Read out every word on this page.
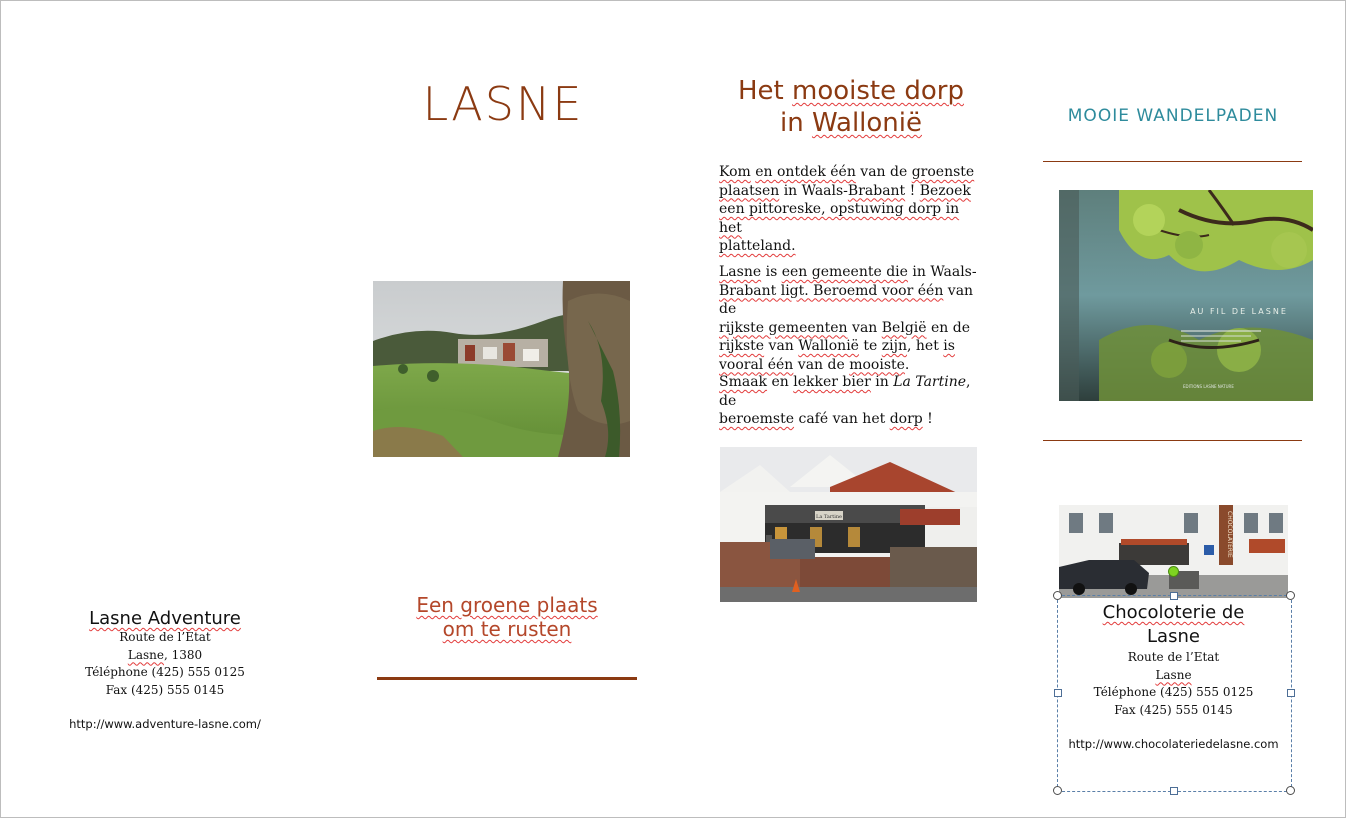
LASNE
Een groene plaats
om te rusten
Het mooiste dorp
in Wallonië
Kom en ontdek één van de groenste
plaatsen in Waals-Brabant ! Bezoek
een pittoreske, opstuwing dorp in het
platteland.
Lasne is een gemeente die in Waals-
Brabant ligt. Beroemd voor één van de
rijkste gemeenten van België en de
rijkste van Wallonië te zijn, het is
vooral één van de mooiste.
Smaak en lekker bier in La Tartine, de
beroemste café van het dorp !
La Tartine
MOOIE WANDELPADEN
AU FIL DE LASNE
EDITIONS LASNE NATURE
CHOCOLATERIE
Chocoloterie de
Lasne
Route de l’Etat
Lasne
Téléphone (425) 555 0125
Fax (425) 555 0145
http://www.chocolateriedelasne.com
Lasne Adventure
Route de l’Etat
Lasne, 1380
Téléphone (425) 555 0125
Fax (425) 555 0145
http://www.adventure-lasne.com/
